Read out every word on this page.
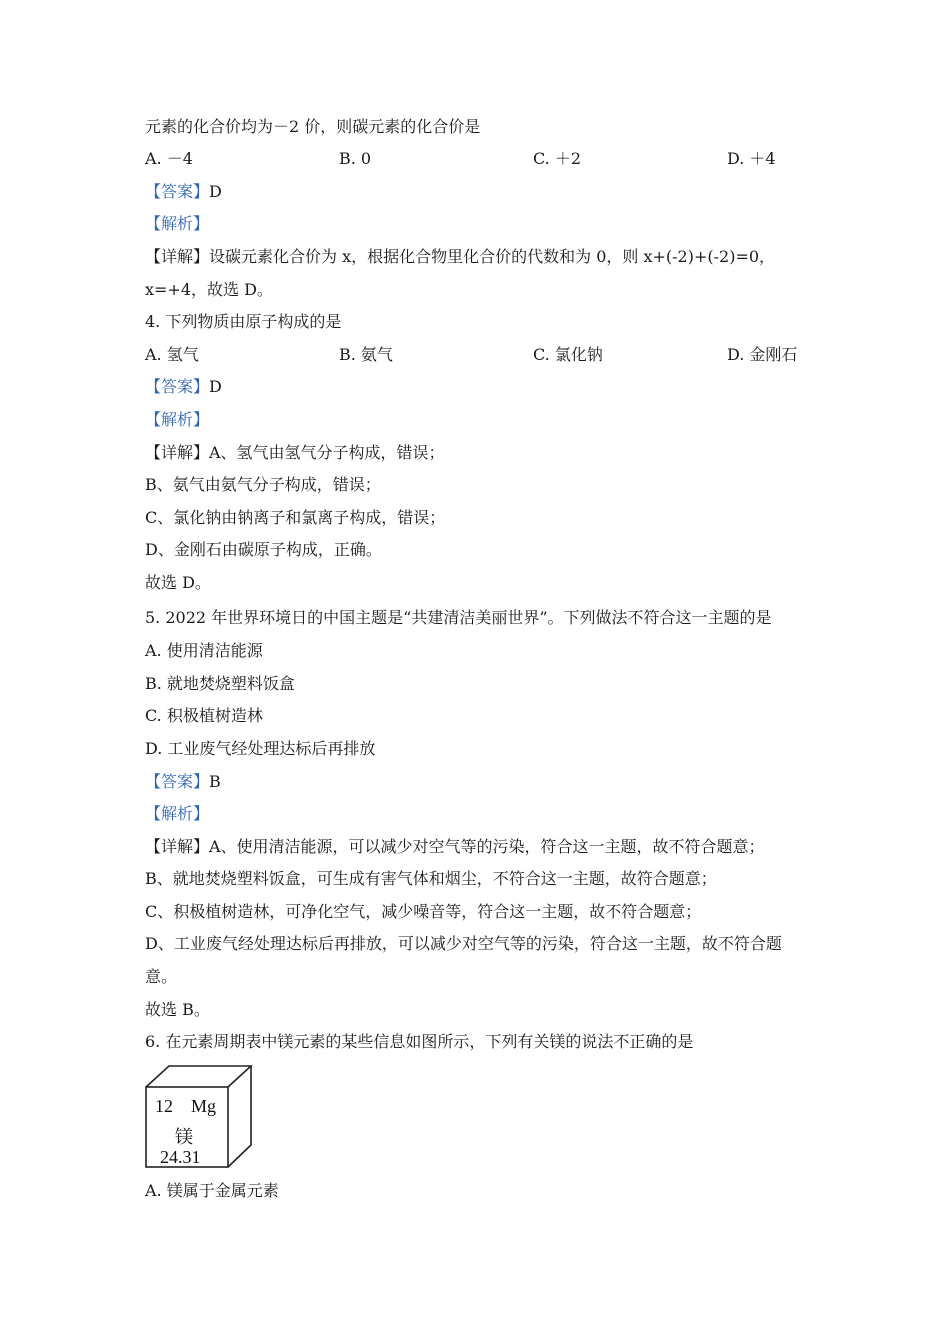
元素的化合价均为－2 价，则碳元素的化合价是
A. －4	B. 0	C. ＋2	D. ＋4
【答案】D
【解析】
【详解】设碳元素化合价为 x，根据化合物里化合价的代数和为 0，则 x+(-2)+(-2)=0，
x=+4，故选 D。
4. 下列物质由原子构成的是
A. 氢气	B. 氨气	C. 氯化钠	D. 金刚石
【答案】D
【解析】
【详解】A、氢气由氢气分子构成，错误；
B、氨气由氨气分子构成，错误；
C、氯化钠由钠离子和氯离子构成，错误；
D、金刚石由碳原子构成，正确。
故选 D。
5. 2022 年世界环境日的中国主题是“共建清洁美丽世界”。下列做法不符合这一主题的是
A. 使用清洁能源
B. 就地焚烧塑料饭盒
C. 积极植树造林
D. 工业废气经处理达标后再排放
【答案】B
【解析】
【详解】A、使用清洁能源，可以减少对空气等的污染，符合这一主题，故不符合题意；
B、就地焚烧塑料饭盒，可生成有害气体和烟尘，不符合这一主题，故符合题意；
C、积极植树造林，可净化空气，减少噪音等，符合这一主题，故不符合题意；
D、工业废气经处理达标后再排放，可以减少对空气等的污染，符合这一主题，故不符合题
意。
故选 B。
6. 在元素周期表中镁元素的某些信息如图所示，下列有关镁的说法不正确的是
12 Mg
镁
24.31
A. 镁属于金属元素
